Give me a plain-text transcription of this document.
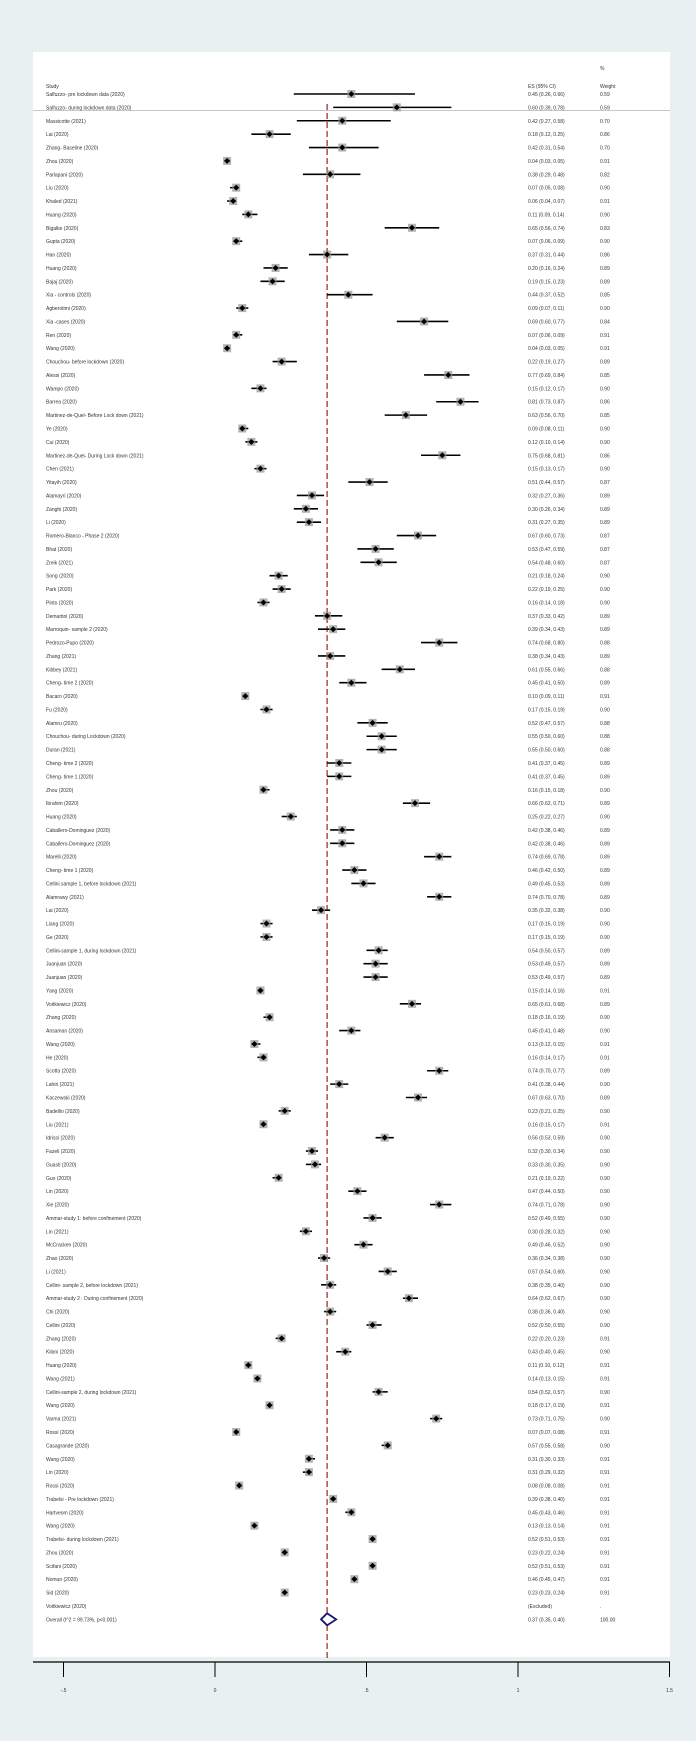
Study	ES (95% CI)
%
Weight
Salfuzzo- pre lockdown data (2020)	0.45 (0.26, 0.66)	0.59
Salfuzzo- during lockdown data (2020)	0.60 (0.39, 0.78)	0.59
Massicotte (2021)	0.42 (0.27, 0.58)	0.70
Lai (2020)	0.18 (0.12, 0.25)	0.86
Zhang- Baseline (2020)	0.42 (0.31, 0.54)	0.70
Zhou (2020)	0.04 (0.03, 0.05)	0.91
Parlapani (2020)	0.38 (0.29, 0.48)	0.82
Liu (2020)	0.07 (0.05, 0.08)	0.90
Khaled (2021)	0.06 (0.04, 0.07)	0.91
Huang (2020)	0.11 (0.09, 0.14)	0.90
Bigalke (2020)	0.65 (0.56, 0.74)	0.83
Gupta (2020)	0.07 (0.06, 0.09)	0.90
Han (2020)	0.37 (0.31, 0.44)	0.86
Huang (2020)	0.20 (0.16, 0.24)	0.89
Bajaj (2020)	0.19 (0.15, 0.23)	0.89
Xia - controls (2020)	0.44 (0.37, 0.52)	0.85
Agberotimi (2020)	0.09 (0.07, 0.11)	0.90
Xia -cases (2020)	0.69 (0.60, 0.77)	0.84
Ren (2020)	0.07 (0.06, 0.09)	0.91
Wang (2020)	0.04 (0.03, 0.05)	0.91
Chouchou- before lockdown (2020)	0.22 (0.19, 0.27)	0.89
Alessi (2020)	0.77 (0.69, 0.84)	0.85
Wampo (2020)	0.15 (0.12, 0.17)	0.90
Barrea (2020)	0.81 (0.73, 0.87)	0.86
Martinez-de-Quel- Before Lock down (2021)	0.63 (0.56, 0.70)	0.85
Ye (2020)	0.09 (0.08, 0.11)	0.90
Cui (2020)	0.12 (0.10, 0.14)	0.90
Martinez-de-Quel- During Lock down (2021)	0.75 (0.68, 0.81)	0.86
Chen (2021)	0.15 (0.13, 0.17)	0.90
Yitayih (2020)	0.51 (0.44, 0.57)	0.87
Alamayri (2020)	0.32 (0.27, 0.36)	0.89
Zanghi (2020)	0.30 (0.26, 0.34)	0.89
Li (2020)	0.31 (0.27, 0.35)	0.89
Romero-Blanco - Phase 2 (2020)	0.67 (0.60, 0.73)	0.87
Bhat (2020)	0.53 (0.47, 0.59)	0.87
Zreik (2021)	0.54 (0.48, 0.60)	0.87
Song (2020)	0.21 (0.18, 0.24)	0.90
Park (2020)	0.22 (0.19, 0.25)	0.90
Pinto (2020)	0.16 (0.14, 0.18)	0.90
Demartini (2020)	0.37 (0.33, 0.42)	0.89
Marroquin- sample 2 (2020)	0.39 (0.34, 0.43)	0.89
Pedrozo-Pupo (2020)	0.74 (0.68, 0.80)	0.88
Zhang (2021)	0.38 (0.34, 0.43)	0.89
Kibbey (2021)	0.61 (0.55, 0.66)	0.88
Cheng- time 2 (2020)	0.45 (0.41, 0.50)	0.89
Bacaro (2020)	0.10 (0.09, 0.11)	0.91
Fu (2020)	0.17 (0.15, 0.19)	0.90
Alamru (2020)	0.52 (0.47, 0.57)	0.88
Chouchou- during Lockdown (2020)	0.55 (0.50, 0.60)	0.88
Duran (2021)	0.55 (0.50, 0.60)	0.88
Cheng- time 2 (2020)	0.41 (0.37, 0.45)	0.89
Cheng- time 1 (2020)	0.41 (0.37, 0.45)	0.89
Zhou (2020)	0.16 (0.15, 0.18)	0.90
Ibrahim (2020)	0.66 (0.62, 0.71)	0.89
Huang (2020)	0.25 (0.22, 0.27)	0.90
Caballero-Dominguez (2020)	0.42 (0.38, 0.46)	0.89
Caballero-Dominguez (2020)	0.42 (0.38, 0.46)	0.89
Marelli (2020)	0.74 (0.69, 0.78)	0.89
Cheng- time 1 (2020)	0.46 (0.42, 0.50)	0.89
Cellini sample 1, before lockdown (2021)	0.49 (0.45, 0.53)	0.89
Alamrawy (2021)	0.74 (0.70, 0.78)	0.89
Lai (2020)	0.35 (0.32, 0.38)	0.90
Liang (2020)	0.17 (0.15, 0.19)	0.90
Ge (2020)	0.17 (0.15, 0.19)	0.90
Cellini-sample 1, during lockdown (2021)	0.54 (0.50, 0.57)	0.89
Juanjuan (2020)	0.53 (0.49, 0.57)	0.89
Juanjuan (2020)	0.53 (0.49, 0.57)	0.89
Yang (2020)	0.15 (0.14, 0.16)	0.91
Voitkiewicz (2020)	0.65 (0.61, 0.68)	0.89
Zhang (2020)	0.18 (0.16, 0.19)	0.90
Ansaman (2020)	0.45 (0.41, 0.48)	0.90
Wang (2020)	0.13 (0.12, 0.15)	0.91
He (2020)	0.16 (0.14, 0.17)	0.91
Scotta (2020)	0.74 (0.70, 0.77)	0.89
Lahiri (2021)	0.41 (0.38, 0.44)	0.90
Kaczewski (2020)	0.67 (0.63, 0.70)	0.89
Badellio (2020)	0.23 (0.21, 0.25)	0.90
Liu (2021)	0.16 (0.15, 0.17)	0.91
Idrissi (2020)	0.56 (0.53, 0.59)	0.90
Fazeli (2020)	0.32 (0.30, 0.34)	0.90
Guasti (2020)	0.33 (0.30, 0.35)	0.90
Guo (2020)	0.21 (0.19, 0.22)	0.90
Lin (2020)	0.47 (0.44, 0.50)	0.90
Xie (2020)	0.74 (0.71, 0.78)	0.90
Ammar-study 1: before confinement (2020)	0.52 (0.49, 0.55)	0.90
Lin (2021)	0.30 (0.28, 0.32)	0.90
McCracken (2020)	0.49 (0.46, 0.52)	0.90
Zhao (2020)	0.36 (0.34, 0.38)	0.90
Li (2021)	0.57 (0.54, 0.60)	0.90
Cellini- sample 2, before lockdown (2021)	0.38 (0.35, 0.40)	0.90
Ammar-study 2 : During confinement (2020)	0.64 (0.62, 0.67)	0.90
Chi (2020)	0.38 (0.36, 0.40)	0.90
Cellini (2020)	0.52 (0.50, 0.55)	0.90
Zhang (2020)	0.22 (0.20, 0.23)	0.91
Kilani (2020)	0.43 (0.40, 0.45)	0.90
Huang (2020)	0.11 (0.10, 0.12)	0.91
Wang (2021)	0.14 (0.13, 0.15)	0.91
Cellini-sample 2, during lockdown (2021)	0.54 (0.52, 0.57)	0.90
Wang (2020)	0.18 (0.17, 0.19)	0.91
Varma (2021)	0.73 (0.71, 0.75)	0.90
Rossi (2020)	0.07 (0.07, 0.08)	0.91
Casagrande (2020)	0.57 (0.55, 0.58)	0.90
Wang (2020)	0.31 (0.30, 0.33)	0.91
Lin (2020)	0.31 (0.29, 0.32)	0.91
Rossi (2020)	0.08 (0.08, 0.08)	0.91
Trabelsi - Pre lockdown (2021)	0.39 (0.38, 0.40)	0.91
Hartveom (2020)	0.45 (0.43, 0.46)	0.91
Wang (2020)	0.13 (0.13, 0.14)	0.91
Trabelsi- during lockdown (2021)	0.52 (0.51, 0.53)	0.91
Zhou (2020)	0.23 (0.22, 0.24)	0.91
Scifani (2020)	0.52 (0.51, 0.53)	0.91
Nomun (2020)	0.46 (0.45, 0.47)	0.91
Sid (2020)	0.23 (0.23, 0.24)	0.91
Voitkiewicz (2020)	(Excluded)	.
Overall (I^2 = 99.73%, p<0.001)	0.37 (0.35, 0.40)	100.00
-.5	0	.5	1	1.5
